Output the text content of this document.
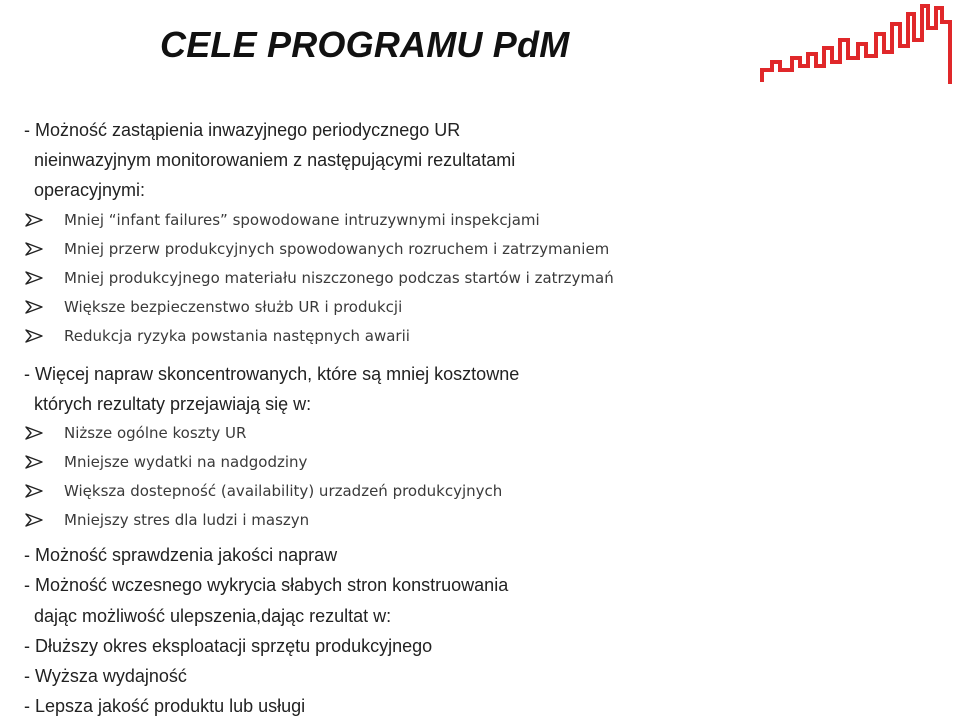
CELE PROGRAMU PdM
- Możność zastąpienia inwazyjnego periodycznego UR
nieinwazyjnym monitorowaniem z następującymi rezultatami
operacyjnymi:
Mniej “infant failures” spowodowane intruzywnymi inspekcjami
Mniej przerw produkcyjnych spowodowanych rozruchem i zatrzymaniem
Mniej produkcyjnego materiału niszczonego podczas startów i zatrzymań
Większe bezpieczenstwo służb UR i produkcji
Redukcja ryzyka powstania następnych awarii
- Więcej napraw skoncentrowanych, które są mniej kosztowne
których rezultaty przejawiają się w:
Niższe ogólne koszty UR
Mniejsze wydatki na nadgodziny
Większa dostepność (availability) urzadzeń produkcyjnych
Mniejszy stres dla ludzi i maszyn
- Możność sprawdzenia jakości napraw
- Możność wczesnego wykrycia słabych stron konstruowania
dając możliwość ulepszenia,dając rezultat w:
- Dłuższy okres eksploatacji sprzętu produkcyjnego
- Wyższa wydajność
- Lepsza jakość produktu lub usługi
